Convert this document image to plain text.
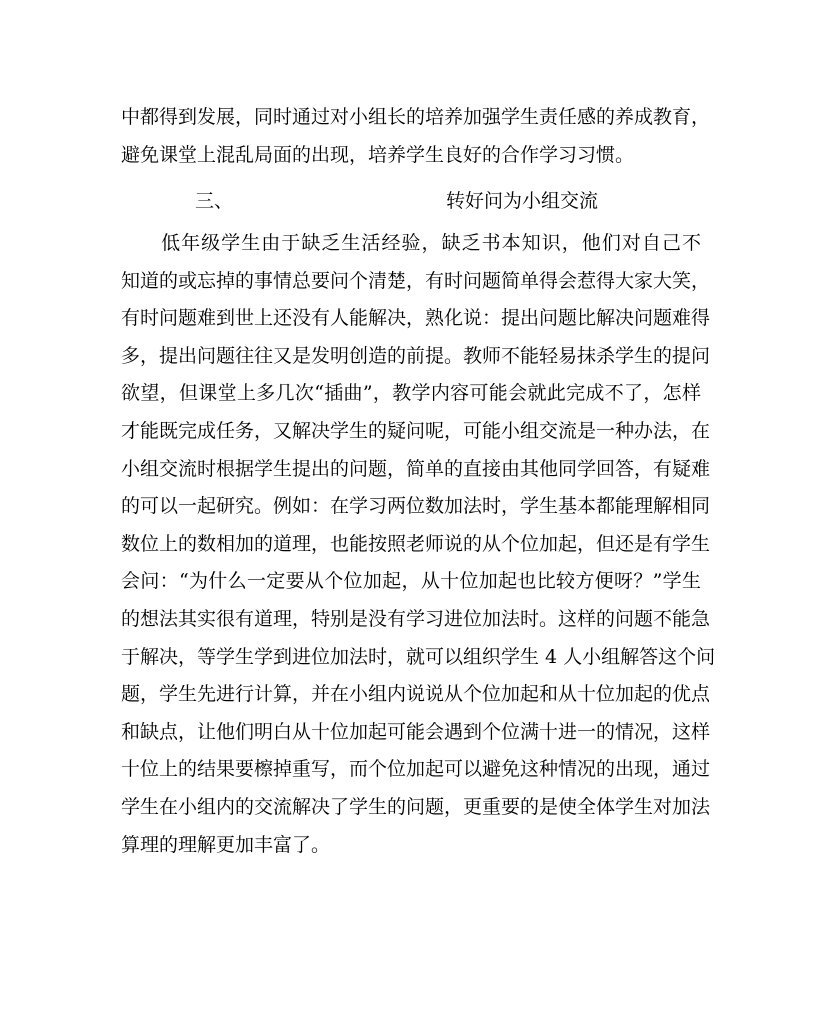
中都得到发展，同时通过对小组长的培养加强学生责任感的养成教育，
避免课堂上混乱局面的出现，培养学生良好的合作学习习惯。
三、	转好问为小组交流
　　低年级学生由于缺乏生活经验，缺乏书本知识，他们对自己不
知道的或忘掉的事情总要问个清楚，有时问题简单得会惹得大家大笑，
有时问题难到世上还没有人能解决，熟化说：提出问题比解决问题难得
多，提出问题往往又是发明创造的前提。教师不能轻易抹杀学生的提问
欲望，但课堂上多几次“插曲”，教学内容可能会就此完成不了，怎样
才能既完成任务，又解决学生的疑问呢，可能小组交流是一种办法，在
小组交流时根据学生提出的问题，简单的直接由其他同学回答，有疑难
的可以一起研究。例如：在学习两位数加法时，学生基本都能理解相同
数位上的数相加的道理，也能按照老师说的从个位加起，但还是有学生
会问：“为什么一定要从个位加起，从十位加起也比较方便呀？”学生
的想法其实很有道理，特别是没有学习进位加法时。这样的问题不能急
于解决，等学生学到进位加法时，就可以组织学生 4 人小组解答这个问
题，学生先进行计算，并在小组内说说从个位加起和从十位加起的优点
和缺点，让他们明白从十位加起可能会遇到个位满十进一的情况，这样
十位上的结果要檫掉重写，而个位加起可以避免这种情况的出现，通过
学生在小组内的交流解决了学生的问题，更重要的是使全体学生对加法
算理的理解更加丰富了。
